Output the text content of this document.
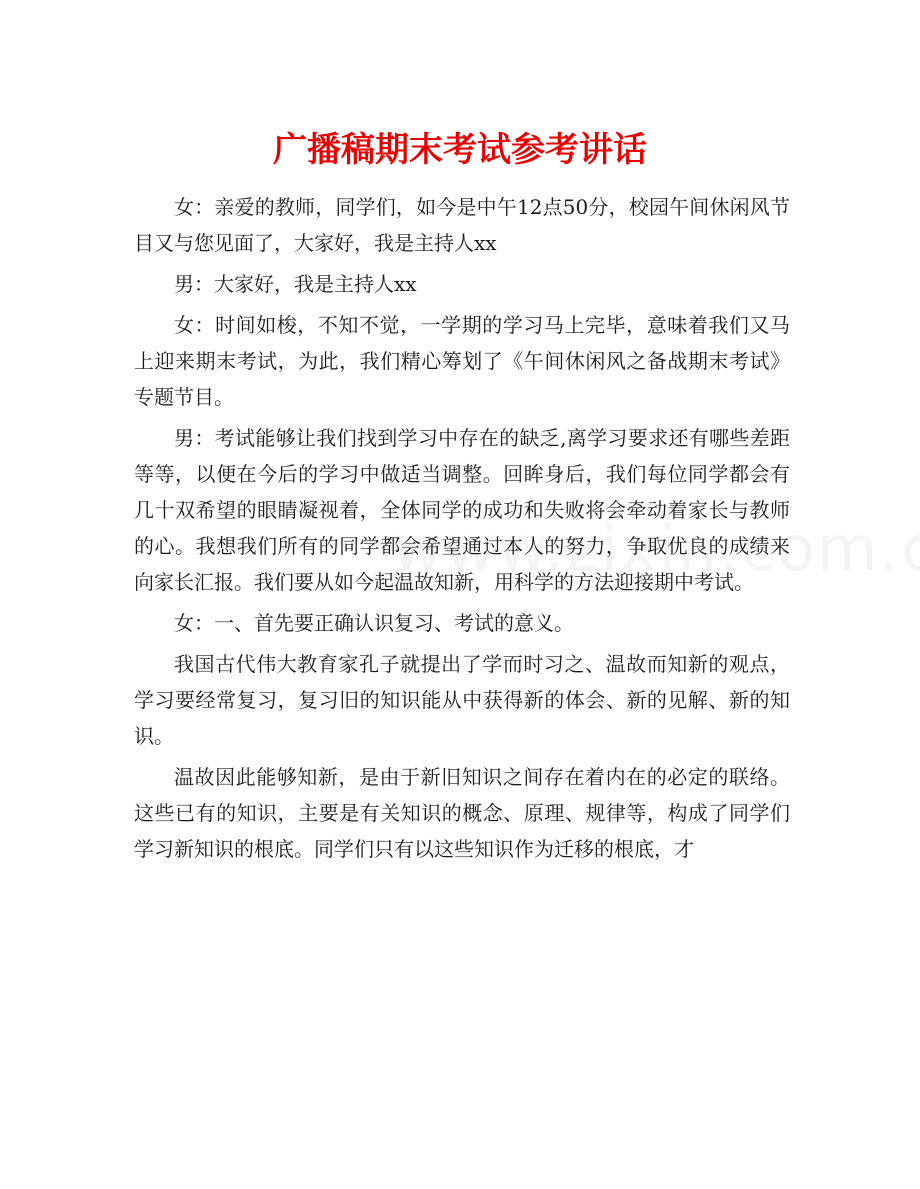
广播稿期末考试参考讲话

女：亲爱的教师，同学们，如今是中午12点50分，校园午间休闲风节目又与您见面了，大家好，我是主持人xx

男：大家好，我是主持人xx

女：时间如梭，不知不觉，一学期的学习马上完毕，意味着我们又马上迎来期末考试，为此，我们精心筹划了《午间休闲风之备战期末考试》专题节目。

男：考试能够让我们找到学习中存在的缺乏,离学习要求还有哪些差距等等，以便在今后的学习中做适当调整。回眸身后，我们每位同学都会有几十双希望的眼睛凝视着，全体同学的成功和失败将会牵动着家长与教师的心。我想我们所有的同学都会希望通过本人的努力，争取优良的成绩来向家长汇报。我们要从如今起温故知新，用科学的方法迎接期中考试。

女：一、首先要正确认识复习、考试的意义。

我国古代伟大教育家孔子就提出了学而时习之、温故而知新的观点，学习要经常复习，复习旧的知识能从中获得新的体会、新的见解、新的知识。

温故因此能够知新，是由于新旧知识之间存在着内在的必定的联络。这些已有的知识，主要是有关知识的概念、原理、规律等，构成了同学们学习新知识的根底。同学们只有以这些知识作为迁移的根底，才
